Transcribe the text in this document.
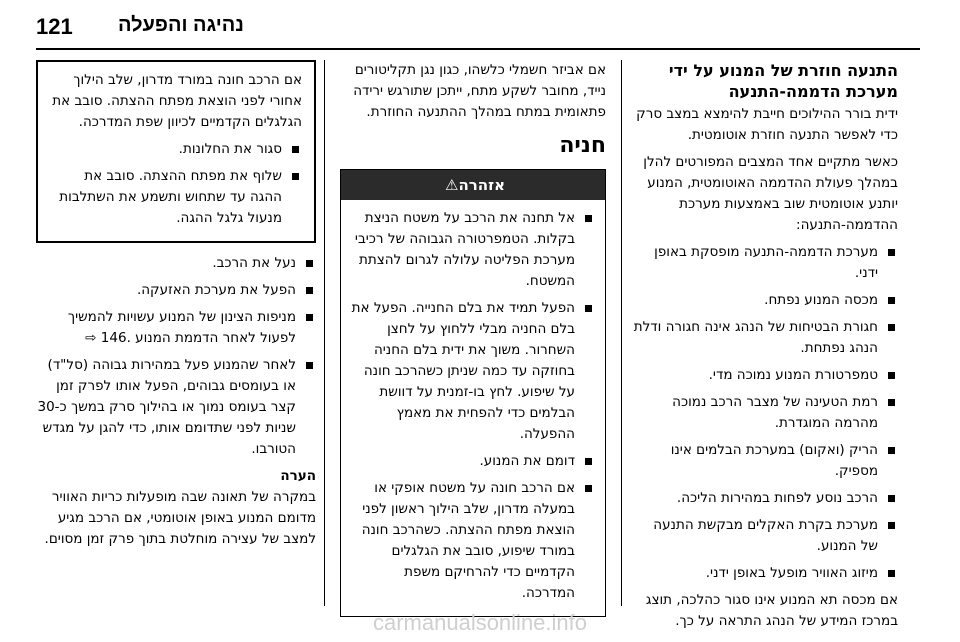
121 נהיגה והפעלה
התנעה חוזרת של המנוע על ידי מערכת הדממה-התנעה

ידית בורר ההילוכים חייבת להימצא במצב סרק כדי לאפשר התנעה חוזרת אוטומטית.

כאשר מתקיים אחד המצבים המפורטים להלן במהלך פעולת ההדממה האוטומטית, המנוע יותנע אוטומטית שוב באמצעות מערכת ההדממה-התנעה:

מערכת הדממה-התנעה מופסקת באופן ידני.
מכסה המנוע נפתח.
חגורת הבטיחות של הנהג אינה חגורה ודלת הנהג נפתחת.
טמפרטורת המנוע נמוכה מדי.
רמת הטעינה של מצבר הרכב נמוכה מהרמה המוגדרת.
הריק (ואקום) במערכת הבלמים אינו מספיק.
הרכב נוסע לפחות במהירות הליכה.
מערכת בקרת האקלים מבקשת התנעה של המנוע.
מיזוג האוויר מופעל באופן ידני.

אם מכסה תא המנוע אינו סגור כהלכה, תוצג במרכז המידע של הנהג התראה על כך.

אם אביזר חשמלי כלשהו, כגון נגן תקליטורים נייד, מחובר לשקע מתח, ייתכן שתורגש ירידה פתאומית במתח במהלך ההתנעה החוזרת.

חניה
אזהרה⚠
אל תחנה את הרכב על משטח הניצת בקלות. הטמפרטורה הגבוהה של רכיבי מערכת הפליטה עלולה לגרום להצתת המשטח.
הפעל תמיד את בלם החנייה. הפעל את בלם החניה מבלי ללחוץ על לחצן השחרור. משוך את ידית בלם החניה בחוזקה עד כמה שניתן כשהרכב חונה על שיפוע. לחץ בו-זמנית על דוושת הבלמים כדי להפחית את מאמץ ההפעלה.
דומם את המנוע.
אם הרכב חונה על משטח אופקי או במעלה מדרון, שלב הילוך ראשון לפני הוצאת מפתח ההצתה. כשהרכב חונה במורד שיפוע, סובב את הגלגלים הקדמיים כדי להרחיקם משפת המדרכה.

אם הרכב חונה במורד מדרון, שלב הילוך אחורי לפני הוצאת מפתח ההצתה. סובב את הגלגלים הקדמיים לכיוון שפת המדרכה.

סגור את החלונות.
שלוף את מפתח ההצתה. סובב את ההגה עד שתחוש ותשמע את השתלבות מנעול גלגל ההגה.
נעל את הרכב.
הפעל את מערכת האזעקה.
מניפות הצינון של המנוע עשויות להמשיך לפעול לאחר הדממת המנוע .146 ⇨
לאחר שהמנוע פעל במהירות גבוהה (סל"ד) או בעומסים גבוהים, הפעל אותו לפרק זמן קצר בעומס נמוך או בהילוך סרק במשך כ-30 שניות לפני שתדומם אותו, כדי להגן על מגדש הטורבו.

הערה

במקרה של תאונה שבה מופעלות כריות האוויר מדומם המנוע באופן אוטומטי, אם הרכב מגיע למצב של עצירה מוחלטת בתוך פרק זמן מסוים.

carmanualsonline.info
